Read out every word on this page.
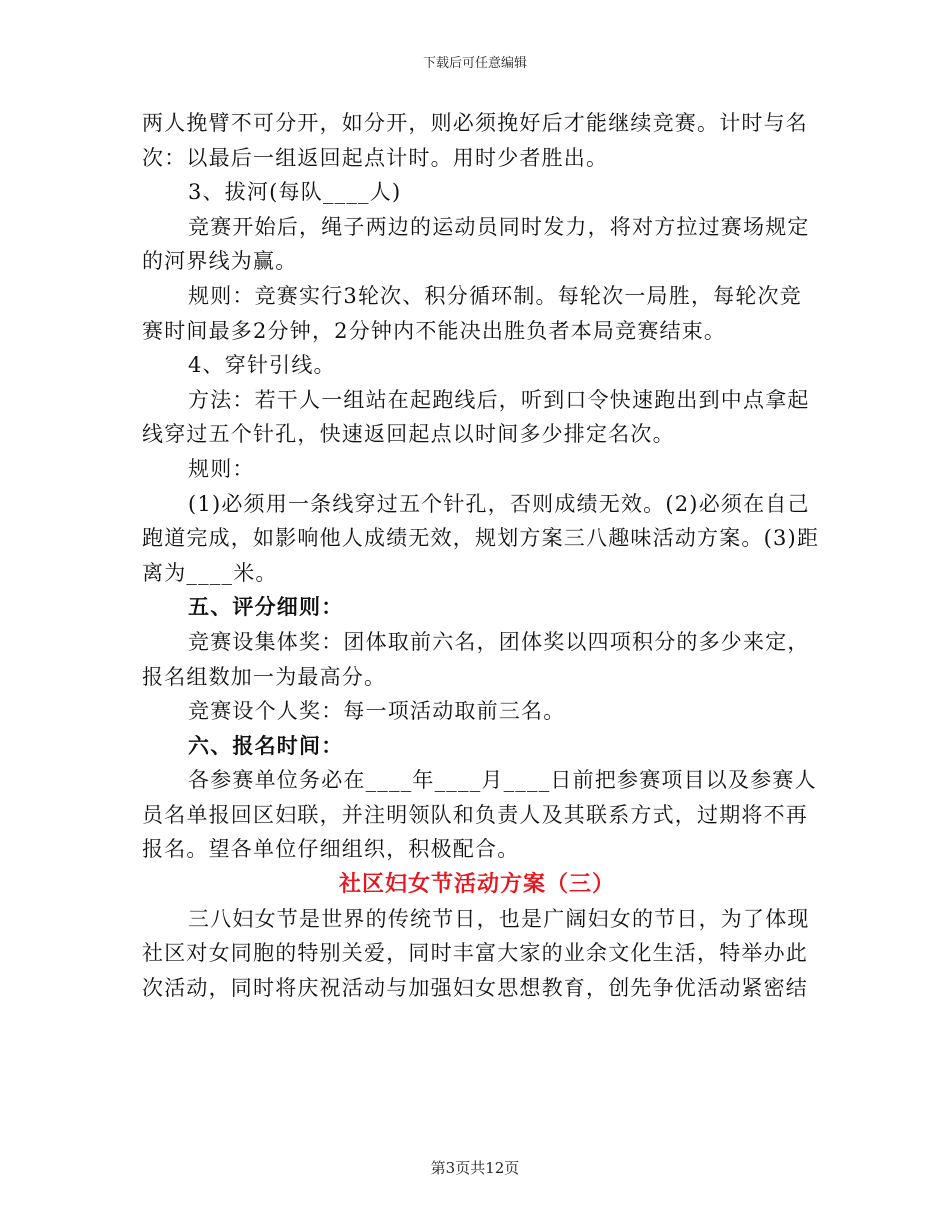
下载后可任意编辑
两人挽臂不可分开，如分开，则必须挽好后才能继续竞赛。计时与名
次：以最后一组返回起点计时。用时少者胜出。
3、拔河(每队____人)
竞赛开始后，绳子两边的运动员同时发力，将对方拉过赛场规定
的河界线为赢。
规则：竞赛实行3轮次、积分循环制。每轮次一局胜，每轮次竞
赛时间最多2分钟，2分钟内不能决出胜负者本局竞赛结束。
4、穿针引线。
方法：若干人一组站在起跑线后，听到口令快速跑出到中点拿起
线穿过五个针孔，快速返回起点以时间多少排定名次。
规则：
(1)必须用一条线穿过五个针孔，否则成绩无效。(2)必须在自己
跑道完成，如影响他人成绩无效，规划方案三八趣味活动方案。(3)距
离为____米。
五、评分细则：
竞赛设集体奖：团体取前六名，团体奖以四项积分的多少来定，
报名组数加一为最高分。
竞赛设个人奖：每一项活动取前三名。
六、报名时间：
各参赛单位务必在____年____月____日前把参赛项目以及参赛人
员名单报回区妇联，并注明领队和负责人及其联系方式，过期将不再
报名。望各单位仔细组织，积极配合。
社区妇女节活动方案（三）
三八妇女节是世界的传统节日，也是广阔妇女的节日，为了体现
社区对女同胞的特别关爱，同时丰富大家的业余文化生活，特举办此
次活动，同时将庆祝活动与加强妇女思想教育，创先争优活动紧密结
第3页共12页
